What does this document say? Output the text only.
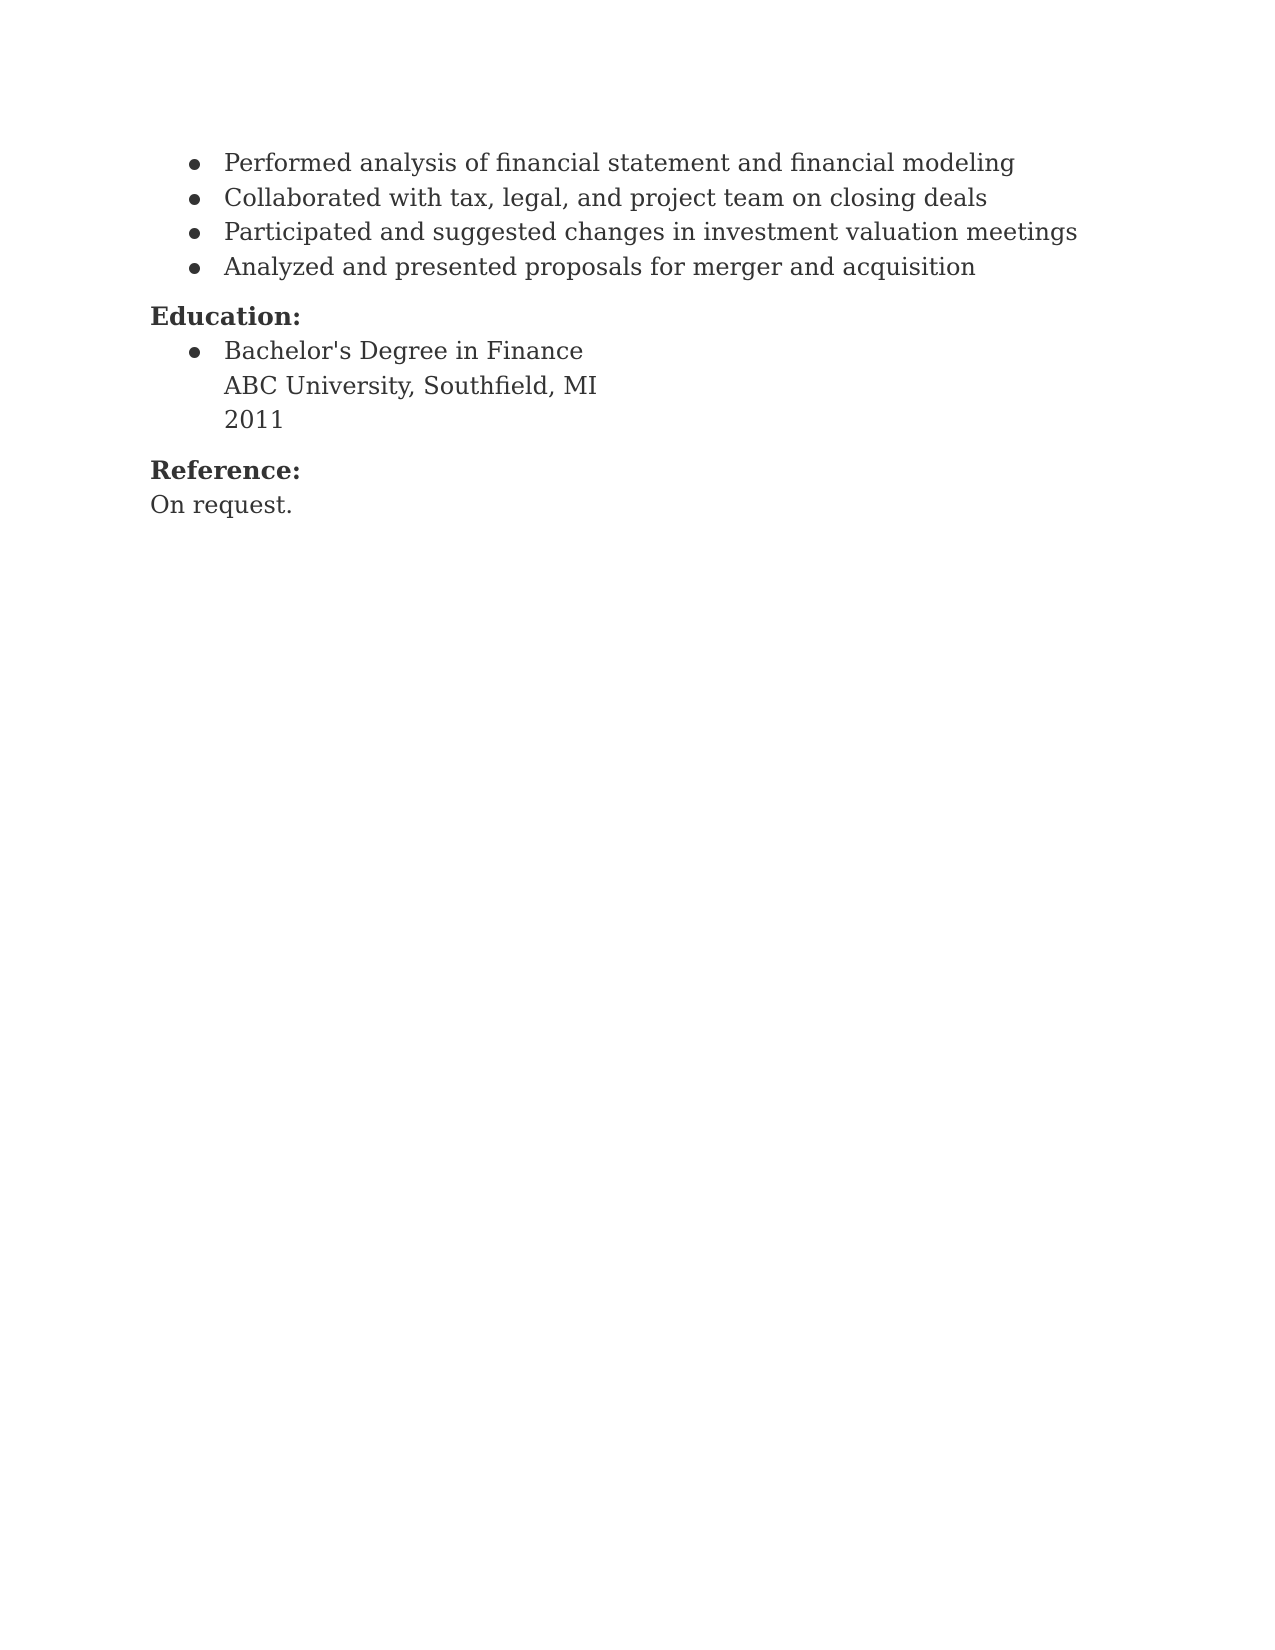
Performed analysis of financial statement and financial modeling
Collaborated with tax, legal, and project team on closing deals
Participated and suggested changes in investment valuation meetings
Analyzed and presented proposals for merger and acquisition
Education:
Bachelor's Degree in Finance
ABC University, Southfield, MI
2011
Reference:

On request.
